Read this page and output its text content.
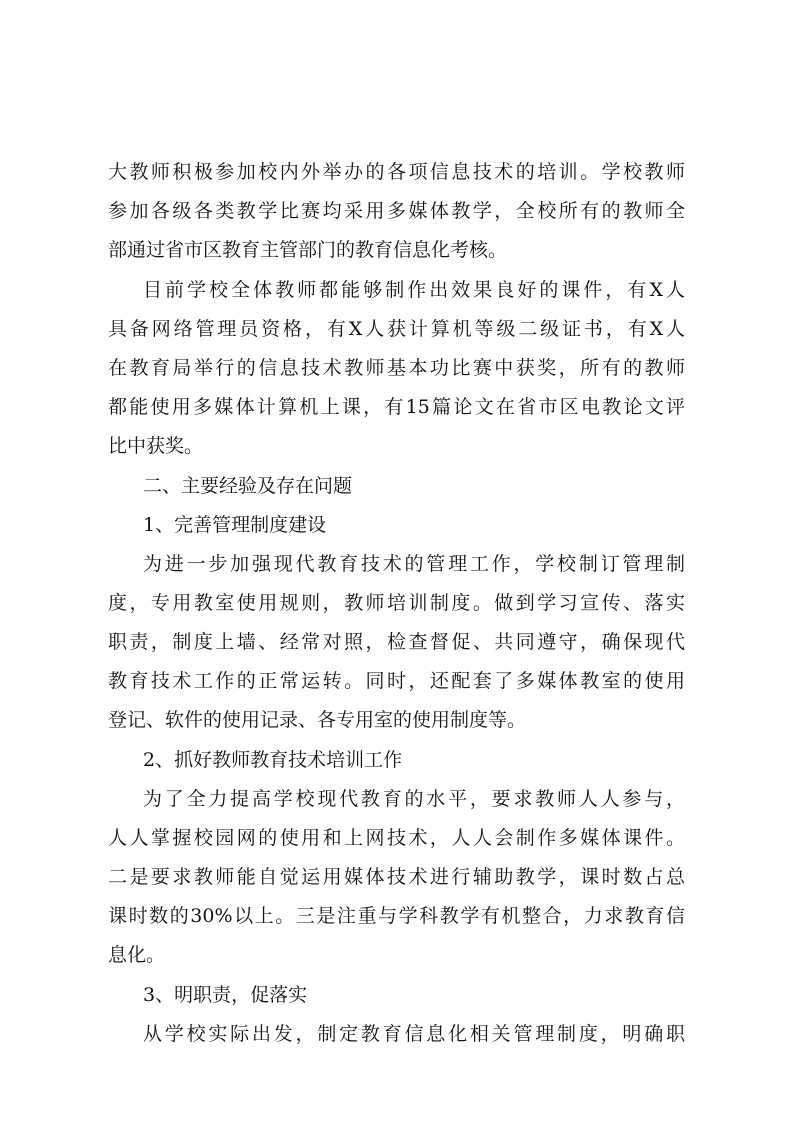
大教师积极参加校内外举办的各项信息技术的培训。学校教师
参加各级各类教学比赛均采用多媒体教学，全校所有的教师全
部通过省市区教育主管部门的教育信息化考核。
目前学校全体教师都能够制作出效果良好的课件，有X人
具备网络管理员资格，有X人获计算机等级二级证书，有X人
在教育局举行的信息技术教师基本功比赛中获奖，所有的教师
都能使用多媒体计算机上课，有15篇论文在省市区电教论文评
比中获奖。
二、主要经验及存在问题
1、完善管理制度建设
为进一步加强现代教育技术的管理工作，学校制订管理制
度，专用教室使用规则，教师培训制度。做到学习宣传、落实
职责，制度上墙、经常对照，检查督促、共同遵守，确保现代
教育技术工作的正常运转。同时，还配套了多媒体教室的使用
登记、软件的使用记录、各专用室的使用制度等。
2、抓好教师教育技术培训工作
为了全力提高学校现代教育的水平，要求教师人人参与，
人人掌握校园网的使用和上网技术，人人会制作多媒体课件。
二是要求教师能自觉运用媒体技术进行辅助教学，课时数占总
课时数的30%以上。三是注重与学科教学有机整合，力求教育信
息化。
3、明职责，促落实
从学校实际出发，制定教育信息化相关管理制度，明确职
